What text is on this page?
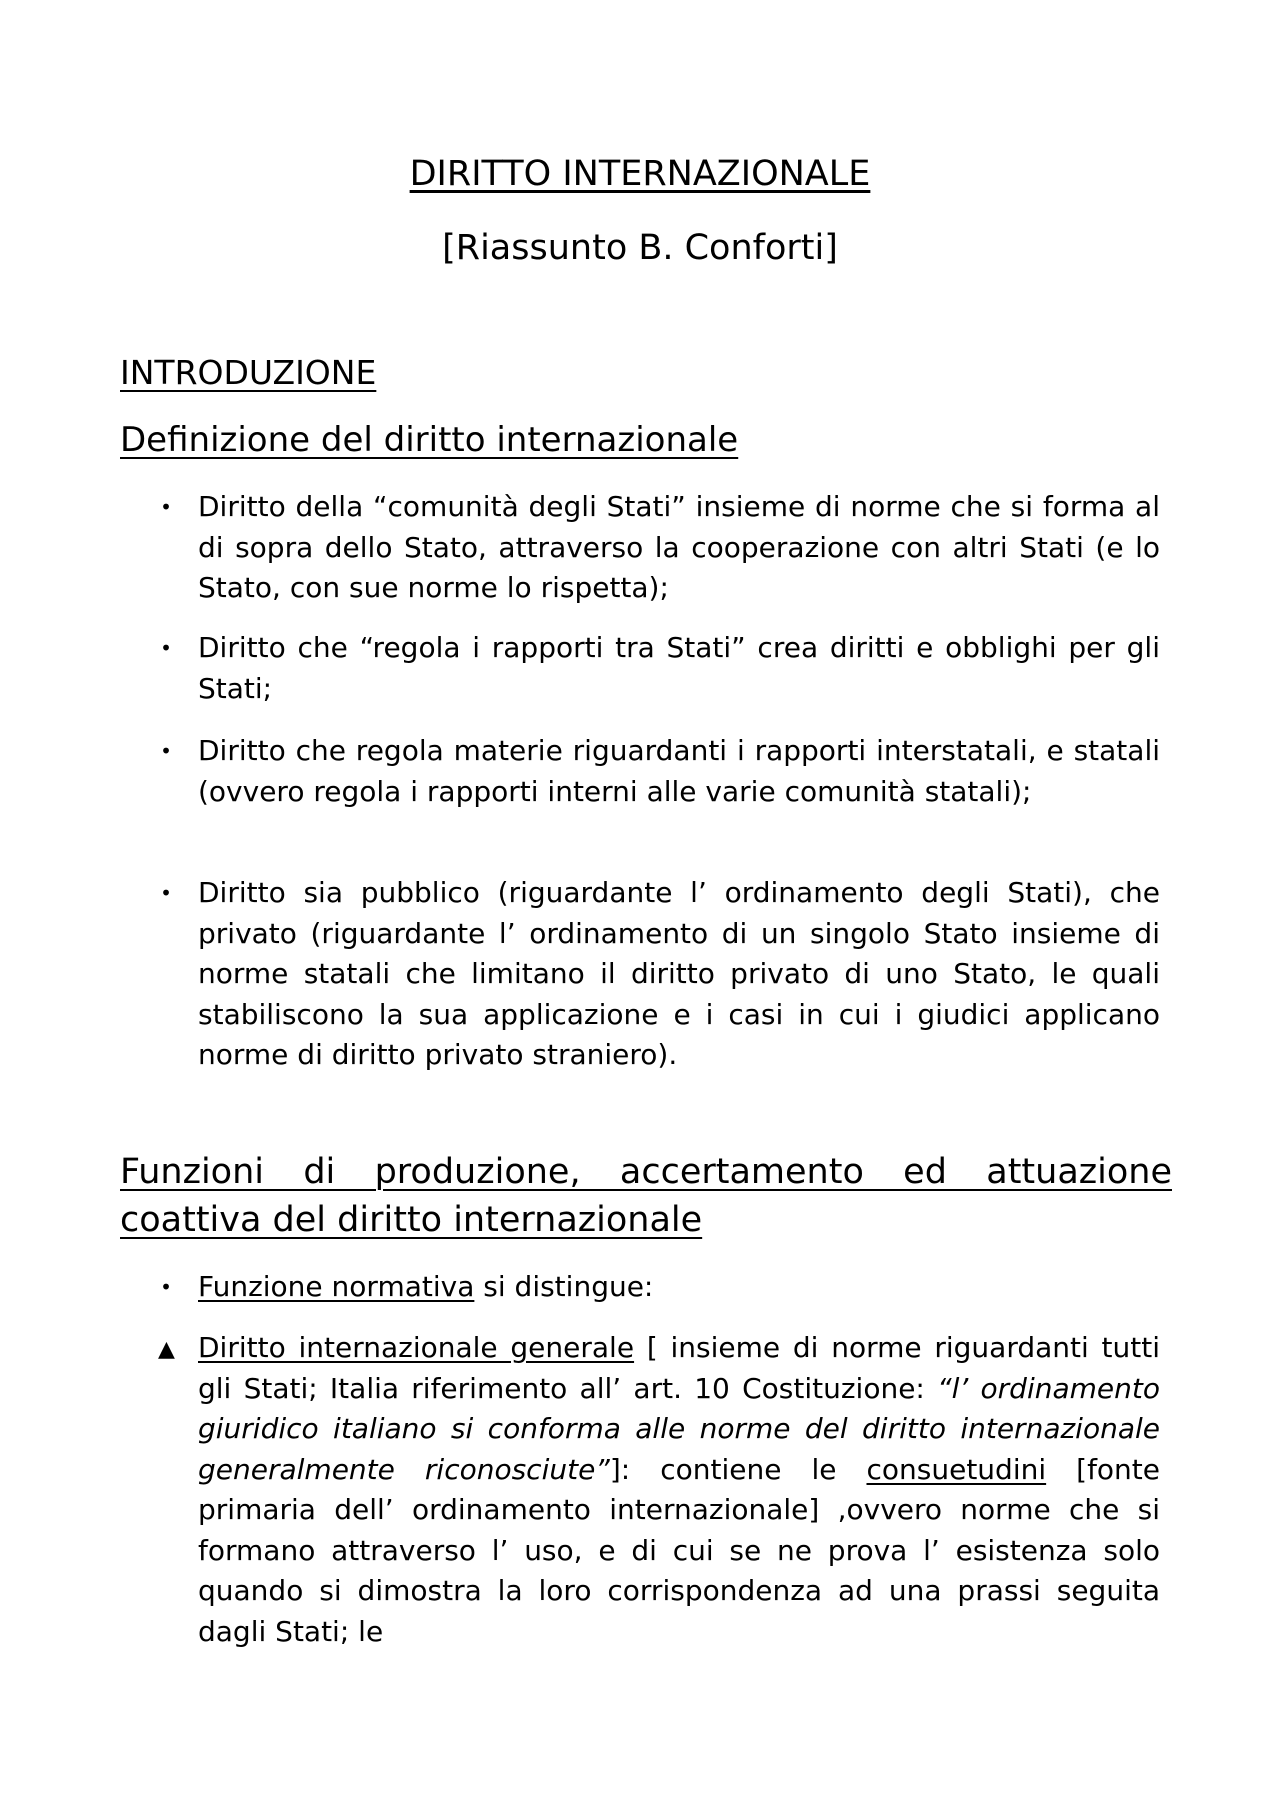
DIRITTO INTERNAZIONALE
[Riassunto B. Conforti]
INTRODUZIONE
Definizione del diritto internazionale
• Diritto della “comunità degli Stati” insieme di norme che si forma al di sopra dello Stato, attraverso la cooperazione con altri Stati (e lo Stato, con sue norme lo rispetta);
• Diritto che “regola i rapporti tra Stati” crea diritti e obblighi per gli Stati;
• Diritto che regola materie riguardanti i rapporti interstatali, e statali (ovvero regola i rapporti interni alle varie comunità statali);
• Diritto sia pubblico (riguardante l’ ordinamento degli Stati), che privato (riguardante l’ ordinamento di un singolo Stato insieme di norme statali che limitano il diritto privato di uno Stato, le quali stabiliscono la sua applicazione e i casi in cui i giudici applicano norme di diritto privato straniero).
Funzioni di produzione, accertamento ed attuazione coattiva del diritto internazionale
• Funzione normativa si distingue:
▲ Diritto internazionale generale [ insieme di norme riguardanti tutti gli Stati; Italia riferimento all’ art. 10 Costituzione: “l’ ordinamento giuridico italiano si conforma alle norme del diritto internazionale generalmente riconosciute”]: contiene le consuetudini [fonte primaria dell’ ordinamento internazionale] ,ovvero norme che si formano attraverso l’ uso, e di cui se ne prova l’ esistenza solo quando si dimostra la loro corrispondenza ad una prassi seguita dagli Stati; le
